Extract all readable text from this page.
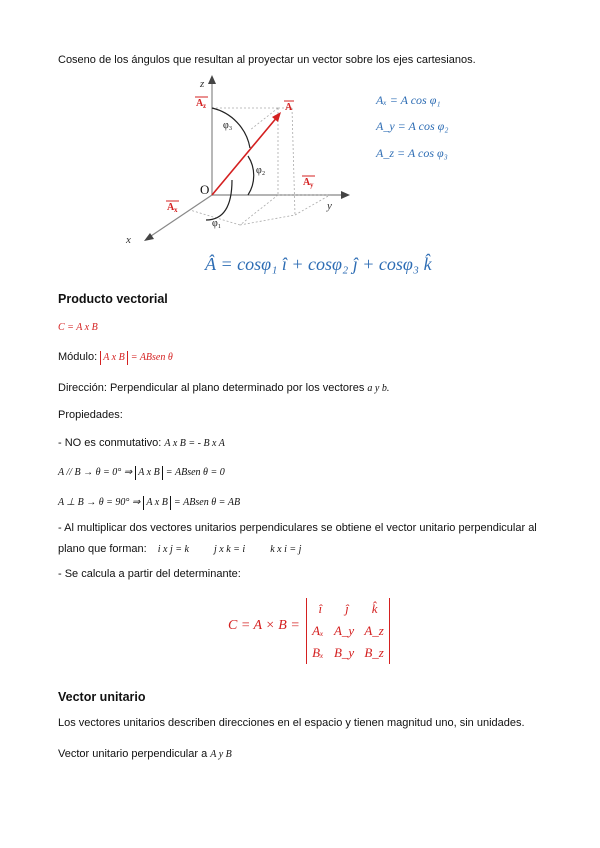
Coseno de los ángulos que resultan al proyectar un vector sobre los ejes cartesianos.
z
y
x
O
φ₃
φ₂
φ₁
A
A z
A y
A x
Aₓ = A cos φ₁
A_y = A cos φ₂
A_z = A cos φ₃
Â = cosφ₁ î + cosφ₂ ĵ + cosφ₃ k̂
Producto vectorial
C = A x B
Módulo: A x B = ABsen θ
Dirección: Perpendicular al plano determinado por los vectores a y b.
Propiedades:
- NO es conmutativo: A x B = - B x A
A // B → θ = 0° ⇒ A x B = ABsen θ = 0
A ⊥ B → θ = 90° ⇒ A x B = ABsen θ = AB
- Al multiplicar dos vectores unitarios perpendiculares se obtiene el vector unitario perpendicular al
plano que forman: i x j = k	j x k = i	k x i = j
- Se calcula a partir del determinante:
C = A × B =
î ĵ k̂
Aₓ A_y A_z
Bₓ B_y B_z
Vector unitario
Los vectores unitarios describen direcciones en el espacio y tienen magnitud uno, sin unidades.
Vector unitario perpendicular a A y B
